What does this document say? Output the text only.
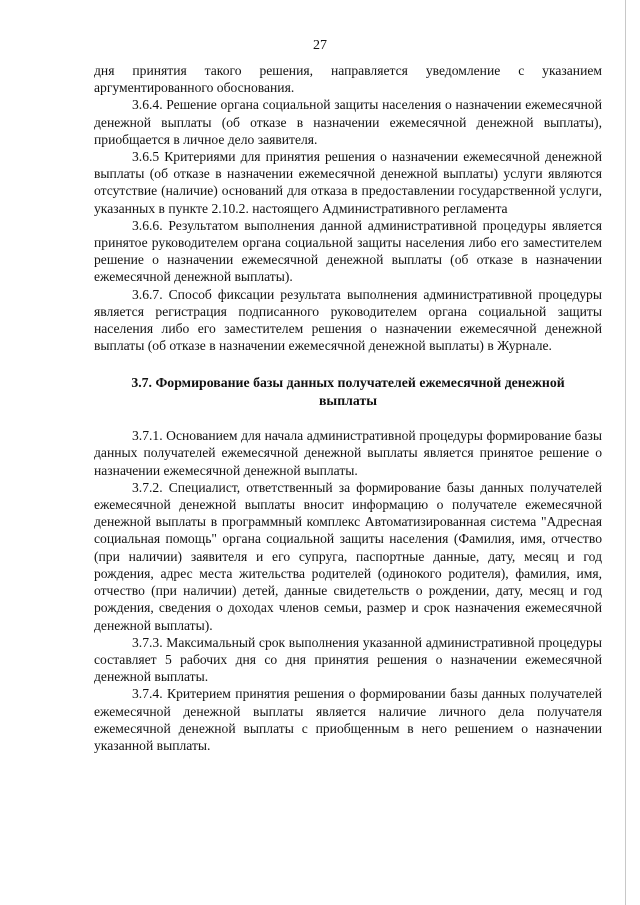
27

дня принятия такого решения, направляется уведомление с указанием аргументированного обоснования.

3.6.4. Решение органа социальной защиты населения о назначении ежемесячной денежной выплаты (об отказе в назначении ежемесячной денежной выплаты), приобщается в личное дело заявителя.

3.6.5 Критериями для принятия решения о назначении ежемесячной денежной выплаты (об отказе в назначении ежемесячной денежной выплаты) услуги являются отсутствие (наличие) оснований для отказа в предоставлении государственной услуги, указанных в пункте 2.10.2. настоящего Административного регламента

3.6.6. Результатом выполнения данной административной процедуры является принятое руководителем органа социальной защиты населения либо его заместителем решение о назначении ежемесячной денежной выплаты (об отказе в назначении ежемесячной денежной выплаты).

3.6.7. Способ фиксации результата выполнения административной процедуры является регистрация подписанного руководителем органа социальной защиты населения либо его заместителем решения о назначении ежемесячной денежной выплаты (об отказе в назначении ежемесячной денежной выплаты) в Журнале.

3.7. Формирование базы данных получателей ежемесячной денежной выплаты

3.7.1. Основанием для начала административной процедуры формирование базы данных получателей ежемесячной денежной выплаты является принятое решение о назначении ежемесячной денежной выплаты.

3.7.2. Специалист, ответственный за формирование базы данных получателей ежемесячной денежной выплаты вносит информацию о получателе ежемесячной денежной выплаты в программный комплекс Автоматизированная система "Адресная социальная помощь" органа социальной защиты населения (Фамилия, имя, отчество (при наличии) заявителя и его супруга, паспортные данные, дату, месяц и год рождения, адрес места жительства родителей (одинокого родителя), фамилия, имя, отчество (при наличии) детей, данные свидетельств о рождении, дату, месяц и год рождения, сведения о доходах членов семьи, размер и срок назначения ежемесячной денежной выплаты).

3.7.3. Максимальный срок выполнения указанной административной процедуры составляет 5 рабочих дня со дня принятия решения о назначении ежемесячной денежной выплаты.

3.7.4. Критерием принятия решения о формировании базы данных получателей ежемесячной денежной выплаты является наличие личного дела получателя ежемесячной денежной выплаты с приобщенным в него решением о назначении указанной выплаты.
